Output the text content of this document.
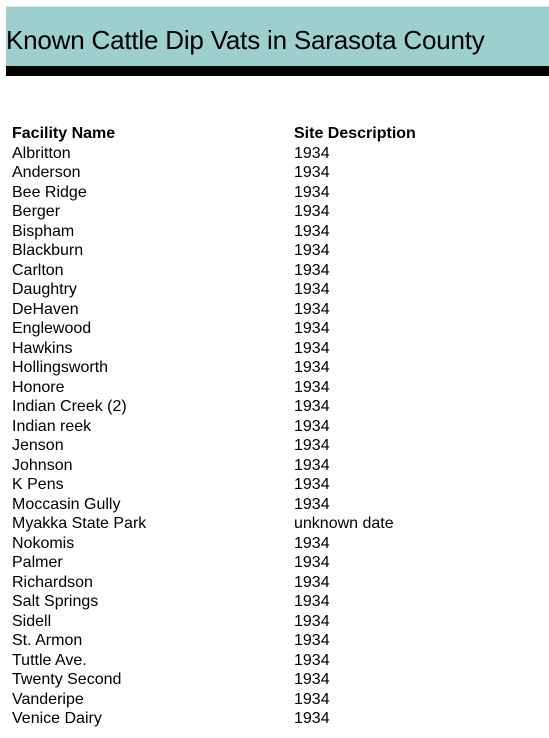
Known Cattle Dip Vats in Sarasota County
Facility Name	Site Description
Albritton	1934
Anderson	1934
Bee Ridge	1934
Berger	1934
Bispham	1934
Blackburn	1934
Carlton	1934
Daughtry	1934
DeHaven	1934
Englewood	1934
Hawkins	1934
Hollingsworth	1934
Honore	1934
Indian Creek (2)	1934
Indian reek	1934
Jenson	1934
Johnson	1934
K Pens	1934
Moccasin Gully	1934
Myakka State Park	unknown date
Nokomis	1934
Palmer	1934
Richardson	1934
Salt Springs	1934
Sidell	1934
St. Armon	1934
Tuttle Ave.	1934
Twenty Second	1934
Vanderipe	1934
Venice Dairy	1934
